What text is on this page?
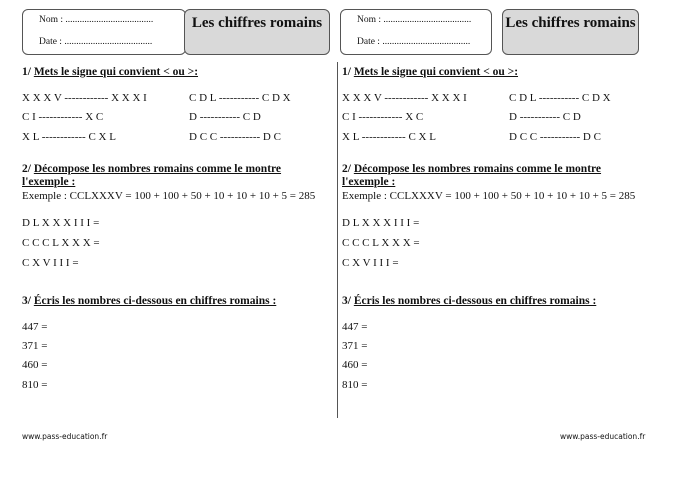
Nom : .....................................
Date : .....................................
Les chiffres romains
1/ Mets le signe qui convient < ou >:
X X X V ------------ X X X I	C D L ----------- C D X
C I ------------ X C	D ----------- C D
X L ------------ C X L	D C C ----------- D C
2/ Décompose les nombres romains comme le montre
l'exemple :
Exemple : CCLXXXV = 100 + 100 + 50 + 10 + 10 + 10 + 5 = 285
D L X X X I I I =
C C C L X X X =
C X V I I I =
3/ Écris les nombres ci-dessous en chiffres romains :
447 =
371 =
460 =
810 =
www.pass-education.fr
Nom : .....................................
Date : .....................................
Les chiffres romains
1/ Mets le signe qui convient < ou >:
X X X V ------------ X X X I	C D L ----------- C D X
C I ------------ X C	D ----------- C D
X L ------------ C X L	D C C ----------- D C
2/ Décompose les nombres romains comme le montre
l'exemple :
Exemple : CCLXXXV = 100 + 100 + 50 + 10 + 10 + 10 + 5 = 285
D L X X X I I I =
C C C L X X X =
C X V I I I =
3/ Écris les nombres ci-dessous en chiffres romains :
447 =
371 =
460 =
810 =
www.pass-education.fr
